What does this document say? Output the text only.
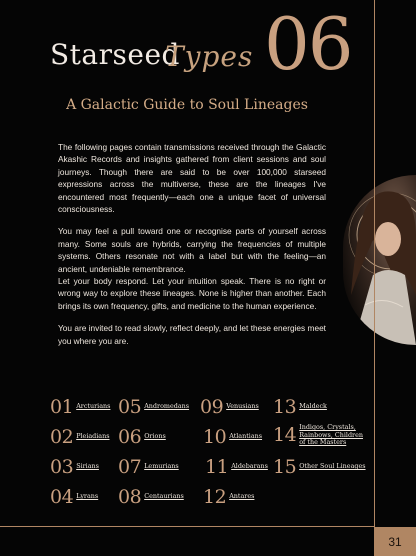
Starseed
Types 06
A Galactic Guide to Soul Lineages

The following pages contain transmissions received through the Galactic Akashic Records and insights gathered from client sessions and soul journeys. Though there are said to be over 100,000 starseed expressions across the multiverse, these are the lineages I've encountered most frequently—each one a unique facet of universal consciousness.

You may feel a pull toward one or recognise parts of yourself across many. Some souls are hybrids, carrying the frequencies of multiple systems. Others resonate not with a label but with the feeling—an ancient, undeniable remembrance.

Let your body respond. Let your intuition speak. There is no right or wrong way to explore these lineages. None is higher than another. Each brings its own frequency, gifts, and medicine to the human experience.

You are invited to read slowly, reflect deeply, and let these energies meet you where you are.

01 Arcturians
02 Pleiadians
03 Sirians
04 Lyrans
05 Andromedans
06 Orions
07 Lemurians
08 Centaurians
09 Venusians
10 Atlantians
11 Aldebarans
12 Antares
13 Maldeck
14 Indigos, Crystals, Rainbows, Children of the Masters
15 Other Soul Lineages
31
